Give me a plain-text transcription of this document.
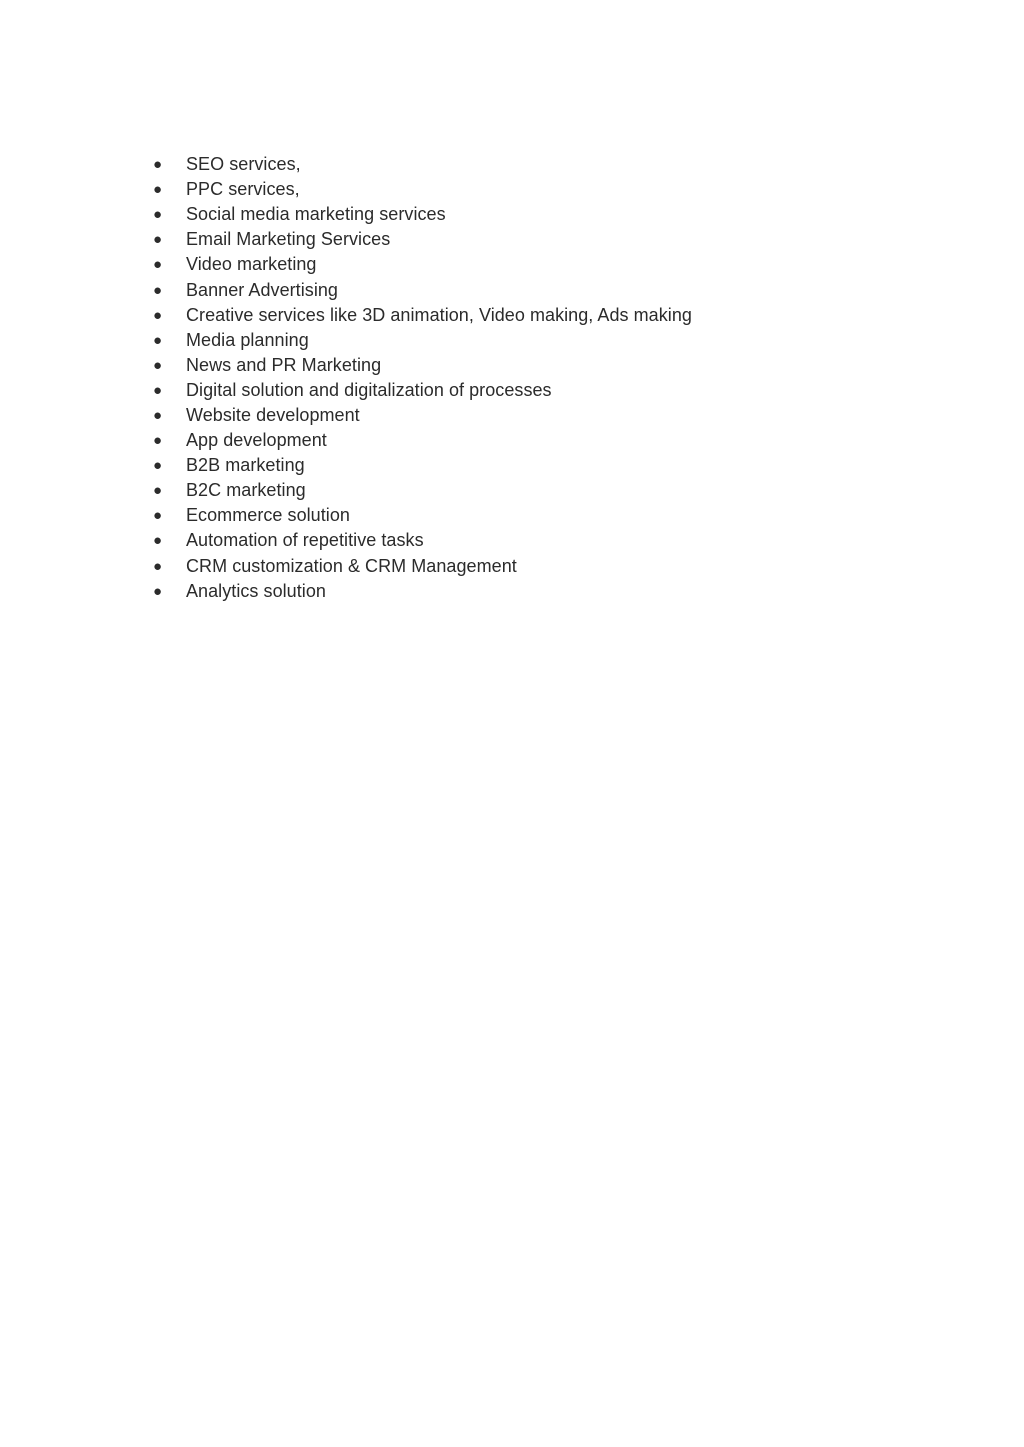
●	SEO services,
●	PPC services,
●	Social media marketing services
●	Email Marketing Services
●	Video marketing
●	Banner Advertising
●	Creative services like 3D animation, Video making, Ads making
●	Media planning
●	News and PR Marketing
●	Digital solution and digitalization of processes
●	Website development
●	App development
●	B2B marketing
●	B2C marketing
●	Ecommerce solution
●	Automation of repetitive tasks
●	CRM customization & CRM Management
●	Analytics solution
